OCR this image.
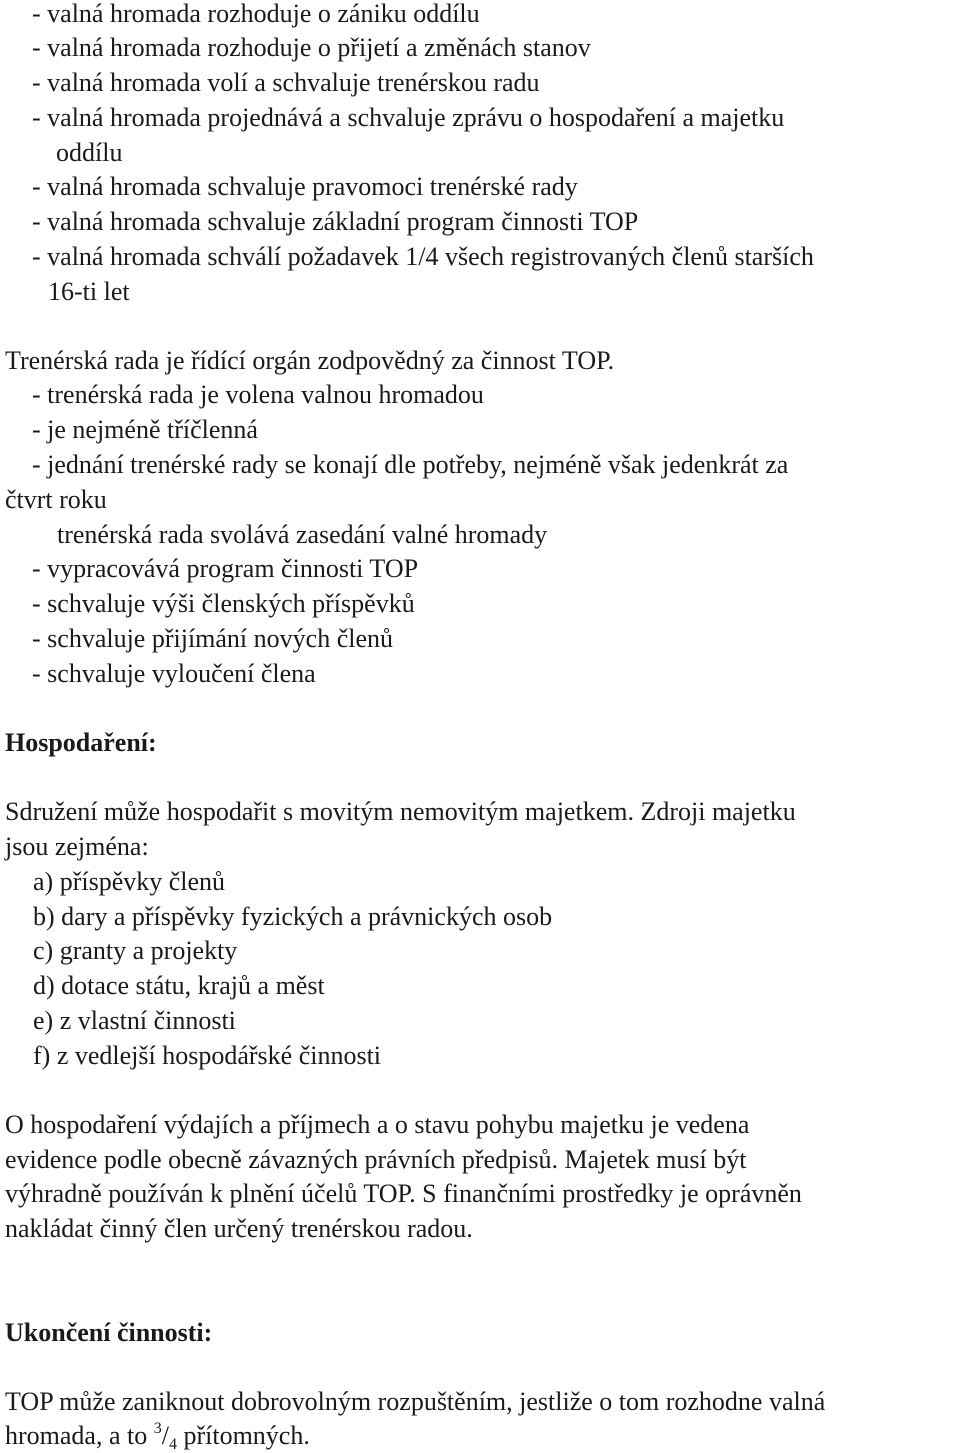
- valná hromada rozhoduje o zániku oddílu
- valná hromada rozhoduje o přijetí a změnách stanov
- valná hromada volí a schvaluje trenérskou radu
- valná hromada projednává a schvaluje zprávu o hospodaření a majetku
oddílu
- valná hromada schvaluje pravomoci trenérské rady
- valná hromada schvaluje základní program činnosti TOP
- valná hromada schválí požadavek 1/4 všech registrovaných členů starších
16-ti let
Trenérská rada je řídící orgán zodpovědný za činnost TOP.
- trenérská rada je volena valnou hromadou
- je nejméně tříčlenná
- jednání trenérské rady se konají dle potřeby, nejméně však jedenkrát za
čtvrt roku
trenérská rada svolává zasedání valné hromady
- vypracovává program činnosti TOP
- schvaluje výši členských příspěvků
- schvaluje přijímání nových členů
- schvaluje vyloučení člena
Hospodaření:
Sdružení může hospodařit s movitým nemovitým majetkem. Zdroji majetku
jsou zejména:
a) příspěvky členů
b) dary a příspěvky fyzických a právnických osob
c) granty a projekty
d) dotace státu, krajů a měst
e) z vlastní činnosti
f) z vedlejší hospodářské činnosti
O hospodaření výdajích a příjmech a o stavu pohybu majetku je vedena
evidence podle obecně závazných právních předpisů. Majetek musí být
výhradně používán k plnění účelů TOP. S finančními prostředky je oprávněn
nakládat činný člen určený trenérskou radou.
Ukončení činnosti:
TOP může zaniknout dobrovolným rozpuštěním, jestliže o tom rozhodne valná
hromada, a to $^3/_4$ přítomných.
